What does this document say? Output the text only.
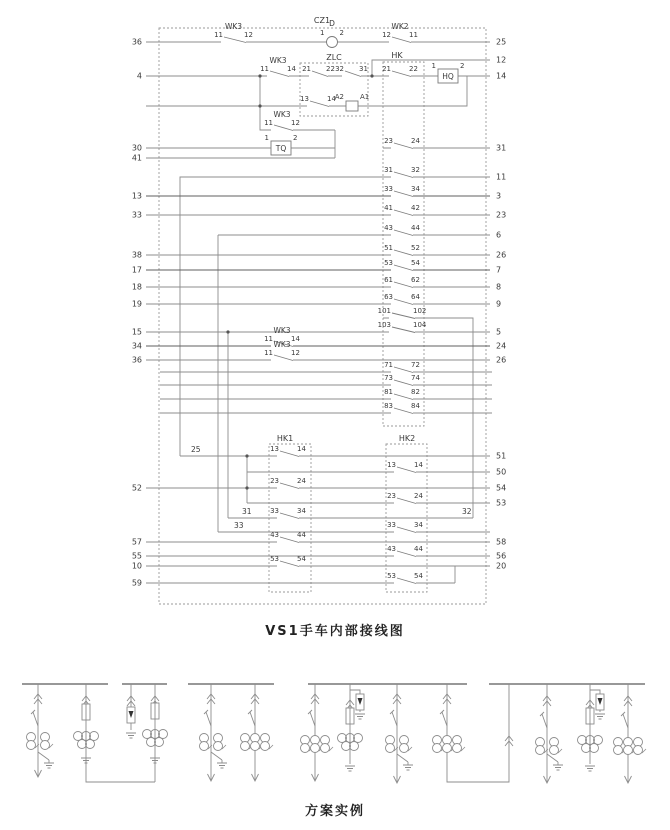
CZ1
ZLC	HK
HK1	HK2
11	12
WK3
12	11
WK2
11	14
WK3
21 22 32 31 21	22
13	14
11	12
WK3
23	24
31	32
33	34
41	42
43	44
51	52
53	54
61	62
63	64
101	102
103	104
11	14
WK3
11	12
WK3
71	72
73	74
81	82
83	84
13	14
13	14
23	24
23	24
33	34
33	34
43	44
43	44
53	54
53	54
D
1 2
HQ
1	2
TQ
1	2
A2 A1
25
31
33
32
36
4
30
41
13
33
38
17
18
19
15
34
36
52
57
55
10
59
25
12
14
31
11
3
23
6
26
7
8
9
5
24
26
51
50
54
53
58
56
20
VS1手车内部接线图
方案实例
